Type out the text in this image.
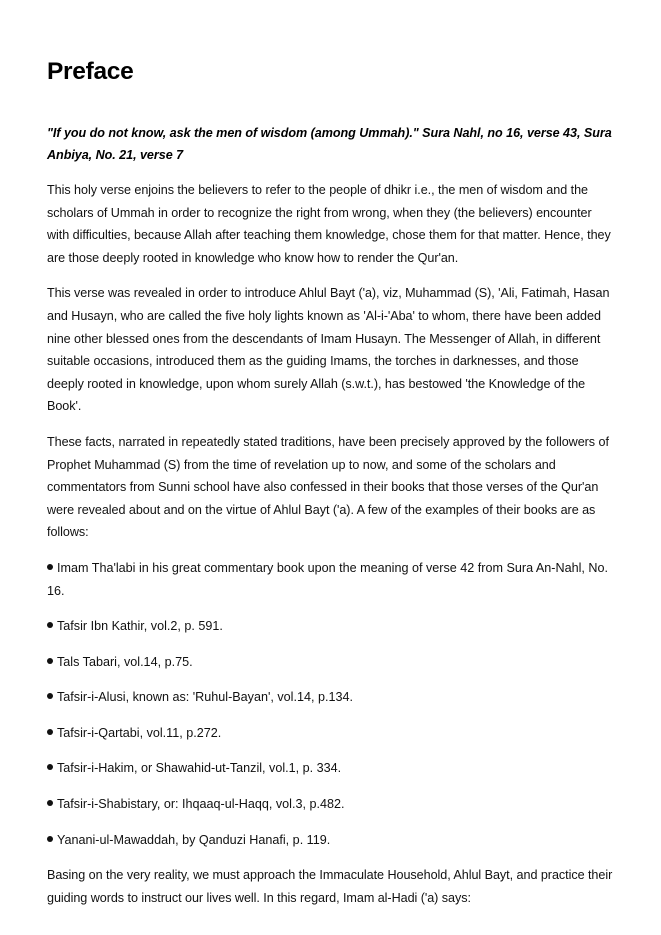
Preface

"If you do not know, ask the men of wisdom (among Ummah)." Sura Nahl, no 16, verse 43, Sura Anbiya, No. 21, verse 7

This holy verse enjoins the believers to refer to the people of dhikr i.e., the men of wisdom and the scholars of Ummah in order to recognize the right from wrong, when they (the believers) encounter with difficulties, because Allah after teaching them knowledge, chose them for that matter. Hence, they are those deeply rooted in knowledge who know how to render the Qur'an.

This verse was revealed in order to introduce Ahlul Bayt ('a), viz, Muhammad (S), 'Ali, Fatimah, Hasan and Husayn, who are called the five holy lights known as 'Al-i-'Aba' to whom, there have been added nine other blessed ones from the descendants of Imam Husayn. The Messenger of Allah, in different suitable occasions, introduced them as the guiding Imams, the torches in darknesses, and those deeply rooted in knowledge, upon whom surely Allah (s.w.t.), has bestowed 'the Knowledge of the Book'.

These facts, narrated in repeatedly stated traditions, have been precisely approved by the followers of Prophet Muhammad (S) from the time of revelation up to now, and some of the scholars and commentators from Sunni school have also confessed in their books that those verses of the Qur'an were revealed about and on the virtue of Ahlul Bayt ('a). A few of the examples of their books are as follows:

Imam Tha'labi in his great commentary book upon the meaning of verse 42 from Sura An-Nahl, No. 16.
Tafsir Ibn Kathir, vol.2, p. 591.
Tals Tabari, vol.14, p.75.
Tafsir-i-Alusi, known as: 'Ruhul-Bayan', vol.14, p.134.
Tafsir-i-Qartabi, vol.11, p.272.
Tafsir-i-Hakim, or Shawahid-ut-Tanzil, vol.1, p. 334.
Tafsir-i-Shabistary, or: Ihqaaq-ul-Haqq, vol.3, p.482.
Yanani-ul-Mawaddah, by Qanduzi Hanafi, p. 119.

Basing on the very reality, we must approach the Immaculate Household, Ahlul Bayt, and practice their guiding words to instruct our lives well. In this regard, Imam al-Hadi ('a) says:
